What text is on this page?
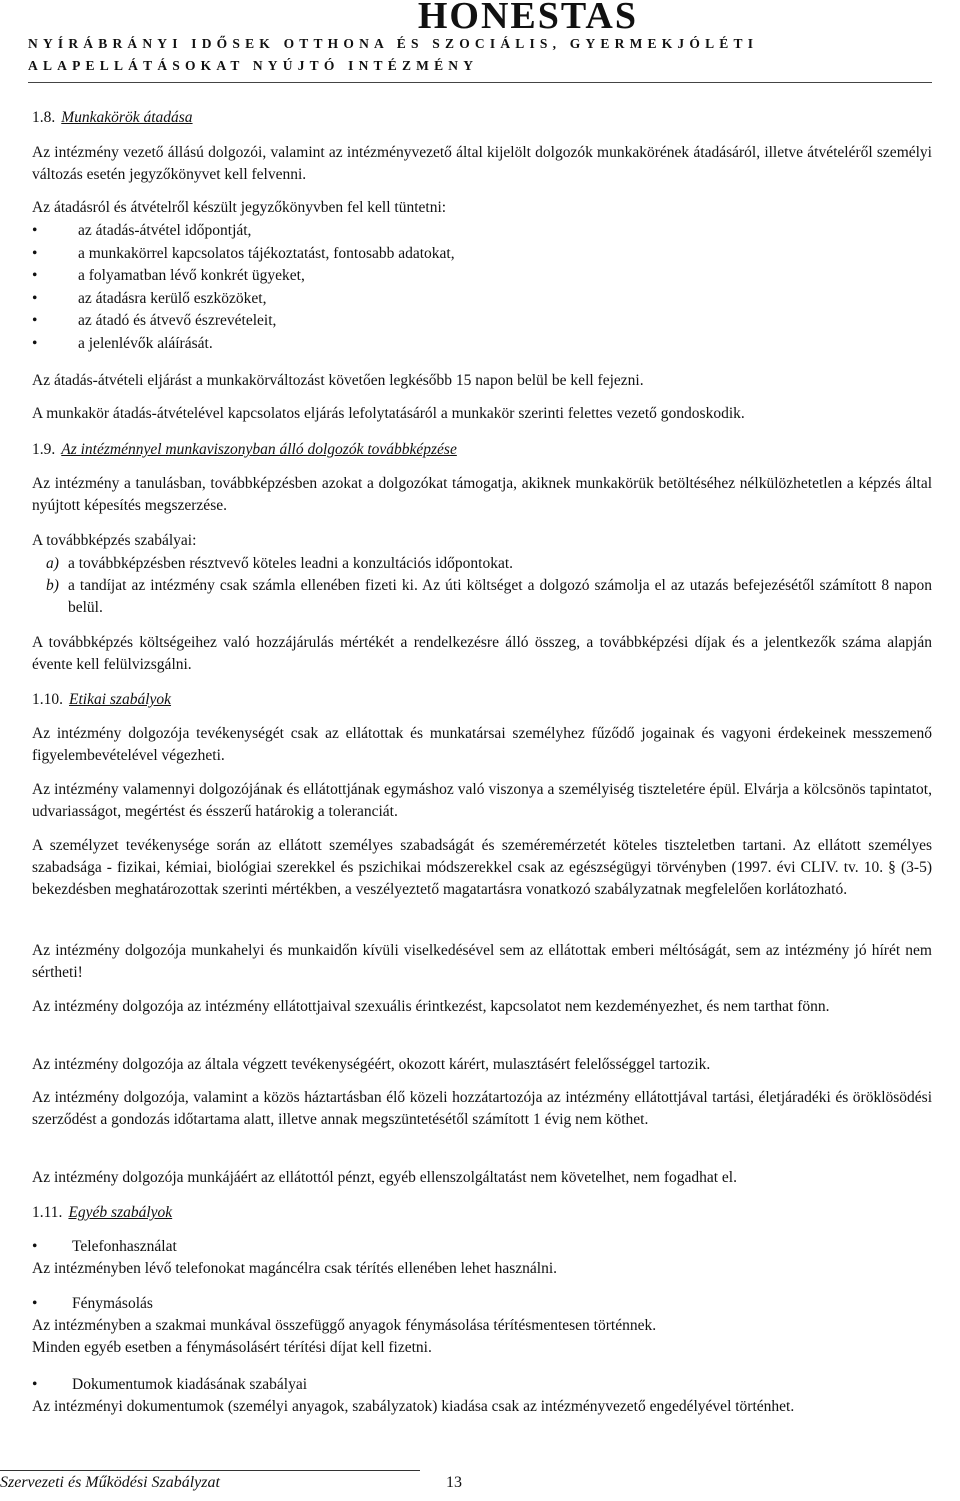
HONESTAS
NYÍRÁBRÁNYI IDŐSEK OTTHONA ÉS SZOCIÁLIS, GYERMEKJÓLÉTI
ALAPELLÁTÁSOKAT NYÚJTÓ INTÉZMÉNY
1.8. Munkakörök átadása

Az intézmény vezető állású dolgozói, valamint az intézményvezető által kijelölt dolgozók munkakörének átadásáról, illetve átvételéről személyi változás esetén jegyzőkönyvet kell felvenni.

Az átadásról és átvételről készült jegyzőkönyvben fel kell tüntetni:

•	az átadás-átvétel időpontját,
•	a munkakörrel kapcsolatos tájékoztatást, fontosabb adatokat,
•	a folyamatban lévő konkrét ügyeket,
•	az átadásra kerülő eszközöket,
•	az átadó és átvevő észrevételeit,
•	a jelenlévők aláírását.

Az átadás-átvételi eljárást a munkakörváltozást követően legkésőbb 15 napon belül be kell fejezni.

A munkakör átadás-átvételével kapcsolatos eljárás lefolytatásáról a munkakör szerinti felettes vezető gondoskodik.

1.9. Az intézménnyel munkaviszonyban álló dolgozók továbbképzése

Az intézmény a tanulásban, továbbképzésben azokat a dolgozókat támogatja, akiknek munkakörük betöltéséhez nélkülözhetetlen a képzés által nyújtott képesítés megszerzése.

A továbbképzés szabályai:

a) a továbbképzésben résztvevő köteles leadni a konzultációs időpontokat.
b) a tandíjat az intézmény csak számla ellenében fizeti ki. Az úti költséget a dolgozó számolja el az utazás befejezésétől számított 8 napon belül.

A továbbképzés költségeihez való hozzájárulás mértékét a rendelkezésre álló összeg, a továbbképzési díjak és a jelentkezők száma alapján évente kell felülvizsgálni.

1.10. Etikai szabályok

Az intézmény dolgozója tevékenységét csak az ellátottak és munkatársai személyhez fűződő jogainak és vagyoni érdekeinek messzemenő figyelembevételével végezheti.

Az intézmény valamennyi dolgozójának és ellátottjának egymáshoz való viszonya a személyiség tiszteletére épül. Elvárja a kölcsönös tapintatot, udvariasságot, megértést és ésszerű határokig a toleranciát.

A személyzet tevékenysége során az ellátott személyes szabadságát és szeméremérzetét köteles tiszteletben tartani. Az ellátott személyes szabadsága - fizikai, kémiai, biológiai szerekkel és pszichikai módszerekkel csak az egészségügyi törvényben (1997. évi CLIV. tv. 10. § (3-5) bekezdésben meghatározottak szerinti mértékben, a veszélyeztető magatartásra vonatkozó szabályzatnak megfelelően korlátozható.

Az intézmény dolgozója munkahelyi és munkaidőn kívüli viselkedésével sem az ellátottak emberi méltóságát, sem az intézmény jó hírét nem sértheti!

Az intézmény dolgozója az intézmény ellátottjaival szexuális érintkezést, kapcsolatot nem kezdeményezhet, és nem tarthat fönn.

Az intézmény dolgozója az általa végzett tevékenységéért, okozott kárért, mulasztásért felelősséggel tartozik.

Az intézmény dolgozója, valamint a közös háztartásban élő közeli hozzátartozója az intézmény ellátottjával tartási, életjáradéki és öröklösödési szerződést a gondozás időtartama alatt, illetve annak megszüntetésétől számított 1 évig nem köthet.

Az intézmény dolgozója munkájáért az ellátottól pénzt, egyéb ellenszolgáltatást nem követelhet, nem fogadhat el.

1.11. Egyéb szabályok
• Telefonhasználat
Az intézményben lévő telefonokat magáncélra csak térítés ellenében lehet használni.
• Fénymásolás
Az intézményben a szakmai munkával összefüggő anyagok fénymásolása térítésmentesen történnek.
Minden egyéb esetben a fénymásolásért térítési díjat kell fizetni.
• Dokumentumok kiadásának szabályai
Az intézményi dokumentumok (személyi anyagok, szabályzatok) kiadása csak az intézményvezető engedélyével történhet.
Szervezeti és Működési Szabályzat	13
